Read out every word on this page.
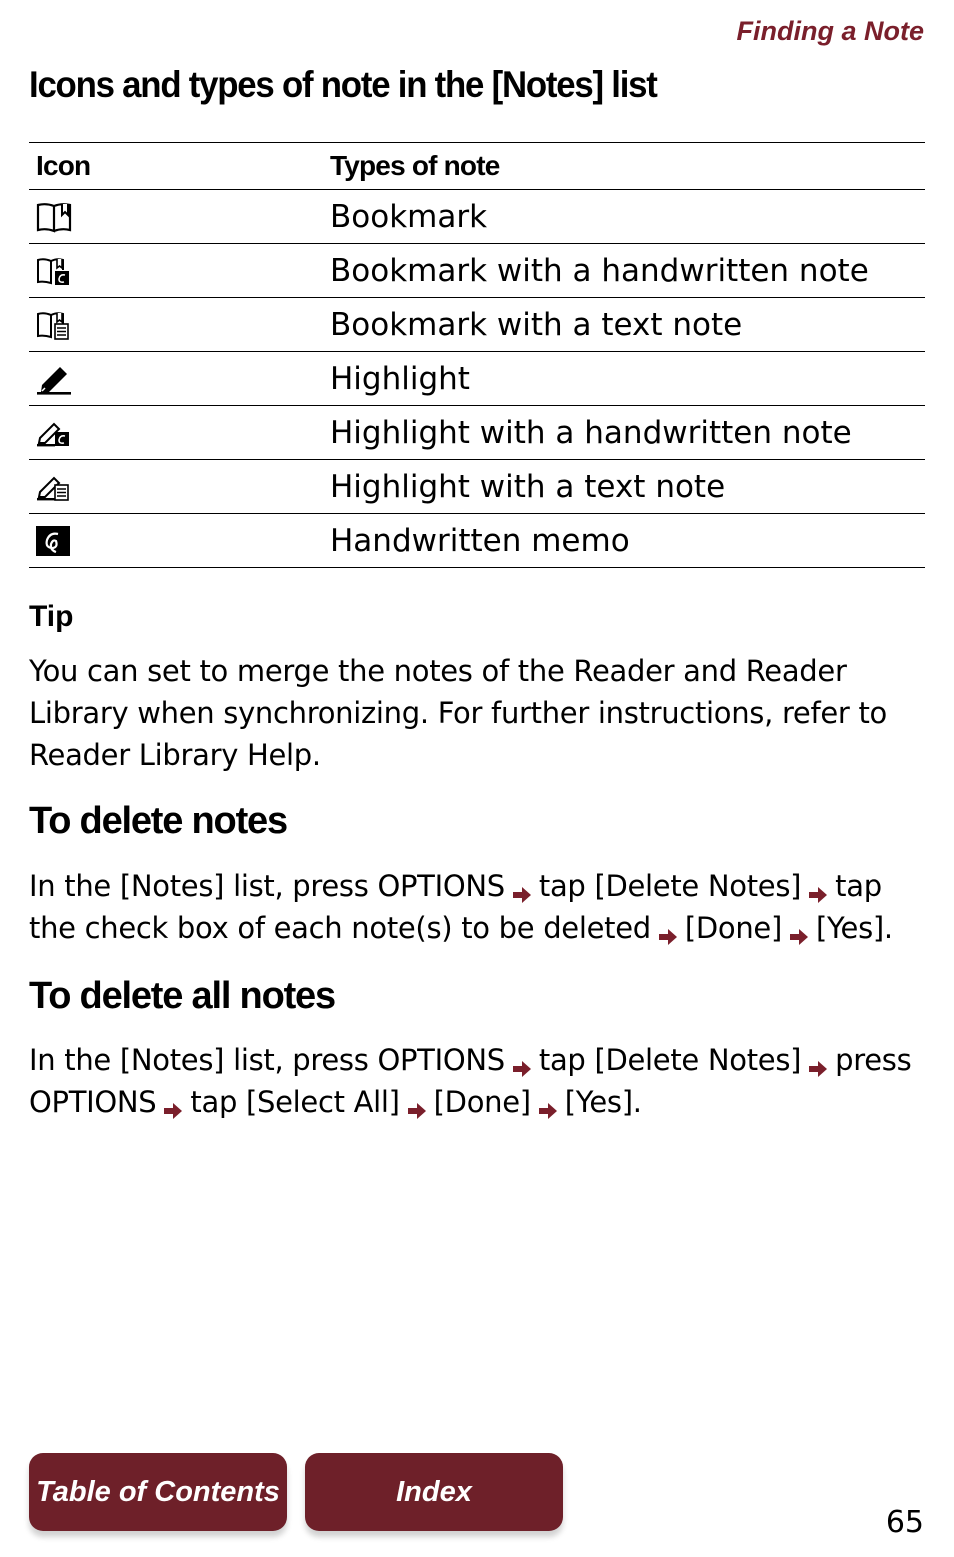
Finding a Note
Icons and types of note in the [Notes] list
Icon	Types of note

	Bookmark

	Bookmark with a handwritten note

	Bookmark with a text note

	Highlight

	Highlight with a handwritten note

	Highlight with a text note

	Handwritten memo
Tip
You can set to merge the notes of the Reader and Reader Library when synchronizing. For further instructions, refer to Reader Library Help.
To delete notes
In the [Notes] list, press OPTIONS tap [Delete Notes] tap the check box of each note(s) to be deleted [Done] [Yes].
To delete all notes
In the [Notes] list, press OPTIONS tap [Delete Notes] press OPTIONS tap [Select All] [Done] [Yes].
Table of Contents	Index
65
